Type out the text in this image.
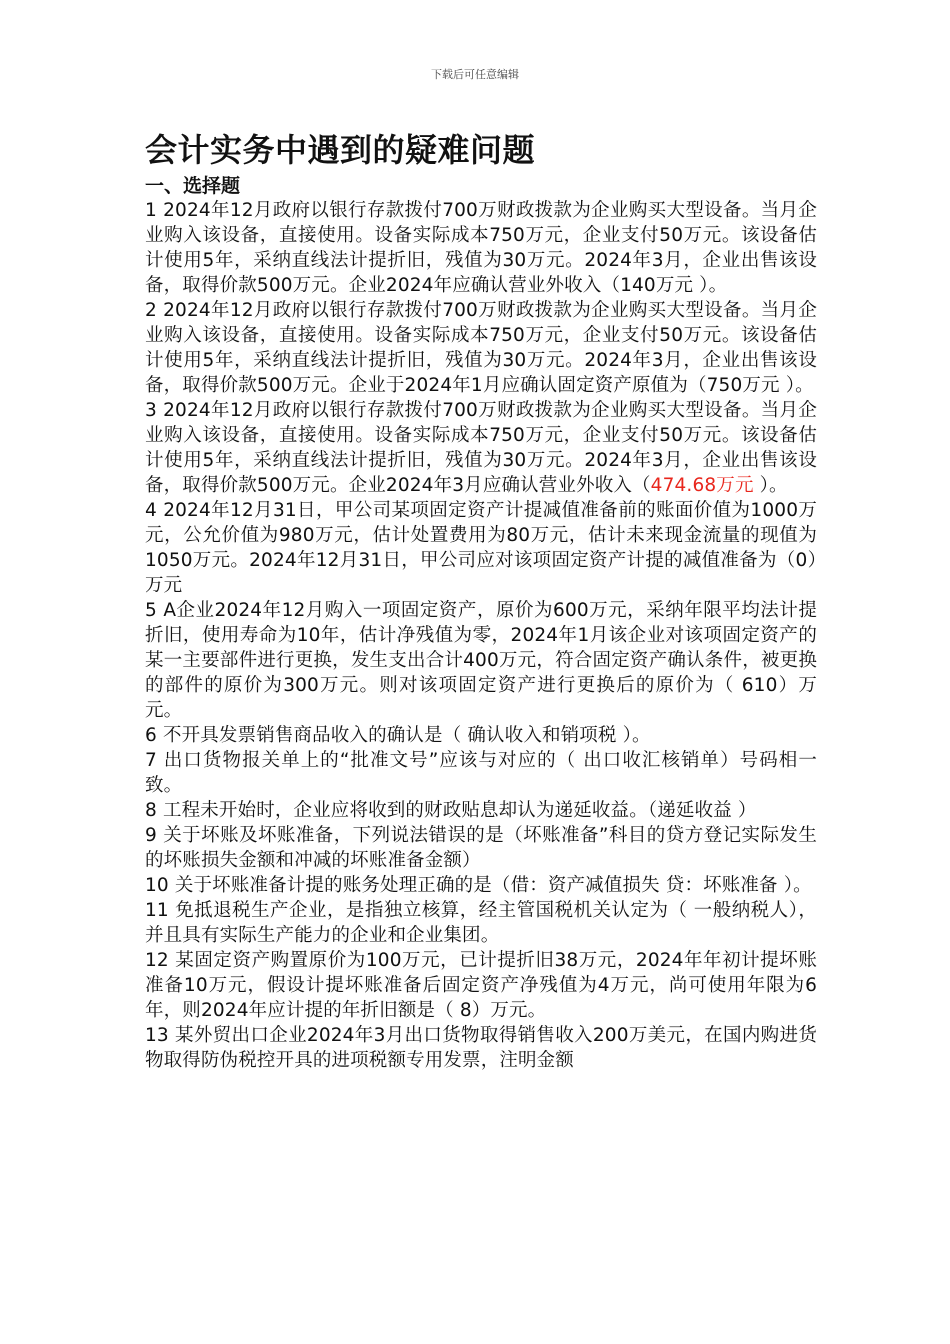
下载后可任意编辑
会计实务中遇到的疑难问题

一、选择题

1 2024年12月政府以银行存款拨付700万财政拨款为企业购买大型设备。当月企业购入该设备，直接使用。设备实际成本750万元，企业支付50万元。该设备估计使用5年，采纳直线法计提折旧，残值为30万元。2024年3月，企业出售该设备，取得价款500万元。企业2024年应确认营业外收入（140万元 ）。

2 2024年12月政府以银行存款拨付700万财政拨款为企业购买大型设备。当月企业购入该设备，直接使用。设备实际成本750万元，企业支付50万元。该设备估计使用5年，采纳直线法计提折旧，残值为30万元。2024年3月，企业出售该设备，取得价款500万元。企业于2024年1月应确认固定资产原值为（750万元 ）。

3 2024年12月政府以银行存款拨付700万财政拨款为企业购买大型设备。当月企业购入该设备，直接使用。设备实际成本750万元，企业支付50万元。该设备估计使用5年，采纳直线法计提折旧，残值为30万元。2024年3月，企业出售该设备，取得价款500万元。企业2024年3月应确认营业外收入（474.68万元 ）。

4 2024年12月31日，甲公司某项固定资产计提减值准备前的账面价值为1000万元，公允价值为980万元，估计处置费用为80万元，估计未来现金流量的现值为1050万元。2024年12月31日，甲公司应对该项固定资产计提的减值准备为（0）万元

5 A企业2024年12月购入一项固定资产，原价为600万元，采纳年限平均法计提折旧，使用寿命为10年，估计净残值为零，2024年1月该企业对该项固定资产的某一主要部件进行更换，发生支出合计400万元，符合固定资产确认条件，被更换的部件的原价为300万元。则对该项固定资产进行更换后的原价为（ 610）万元。

6 不开具发票销售商品收入的确认是（ 确认收入和销项税 ）。

7 出口货物报关单上的“批准文号”应该与对应的（ 出口收汇核销单）号码相一致。

8 工程未开始时，企业应将收到的财政贴息却认为递延收益。（递延收益 ）

9 关于坏账及坏账准备，下列说法错误的是（坏账准备”科目的贷方登记实际发生的坏账损失金额和冲减的坏账准备金额）

10 关于坏账准备计提的账务处理正确的是（借：资产减值损失 贷：坏账准备 ）。

11 免抵退税生产企业，是指独立核算，经主管国税机关认定为（ 一般纳税人），并且具有实际生产能力的企业和企业集团。

12 某固定资产购置原价为100万元，已计提折旧38万元，2024年年初计提坏账准备10万元，假设计提坏账准备后固定资产净残值为4万元，尚可使用年限为6年，则2024年应计提的年折旧额是（ 8）万元。

13 某外贸出口企业2024年3月出口货物取得销售收入200万美元，在国内购进货物取得防伪税控开具的进项税额专用发票，注明金额
